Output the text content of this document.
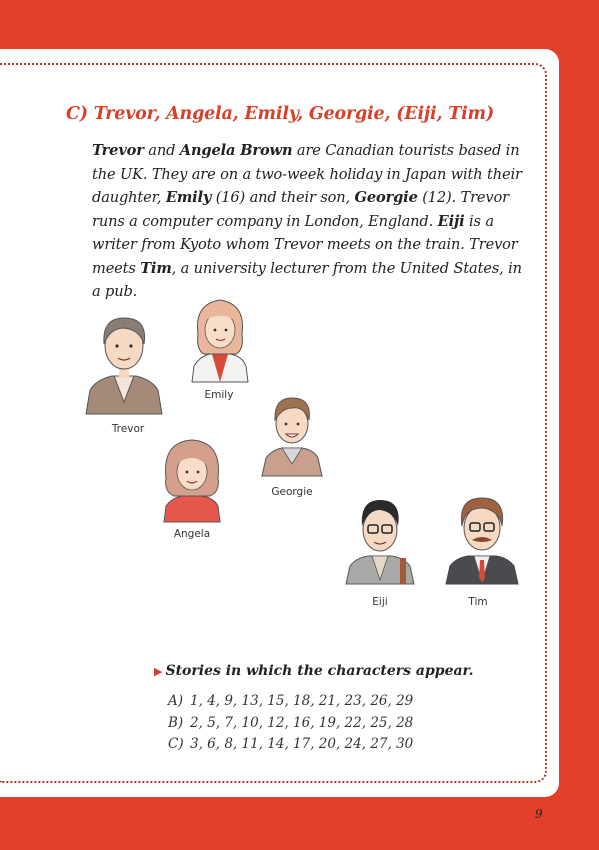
C) Trevor, Angela, Emily, Georgie, (Eiji, Tim)
Trevor and Angela Brown are Canadian tourists based in the UK. They are on a two-week holiday in Japan with their daughter, Emily (16) and their son, Georgie (12). Trevor runs a computer company in London, England. Eiji is a writer from Kyoto whom Trevor meets on the train. Trevor meets Tim, a university lecturer from the United States, in a pub.
Trevor
Emily
Georgie
Angela
Eiji	Tim
▶ Stories in which the characters appear.
A) 1, 4, 9, 13, 15, 18, 21, 23, 26, 29
B) 2, 5, 7, 10, 12, 16, 19, 22, 25, 28
C) 3, 6, 8, 11, 14, 17, 20, 24, 27, 30
9
